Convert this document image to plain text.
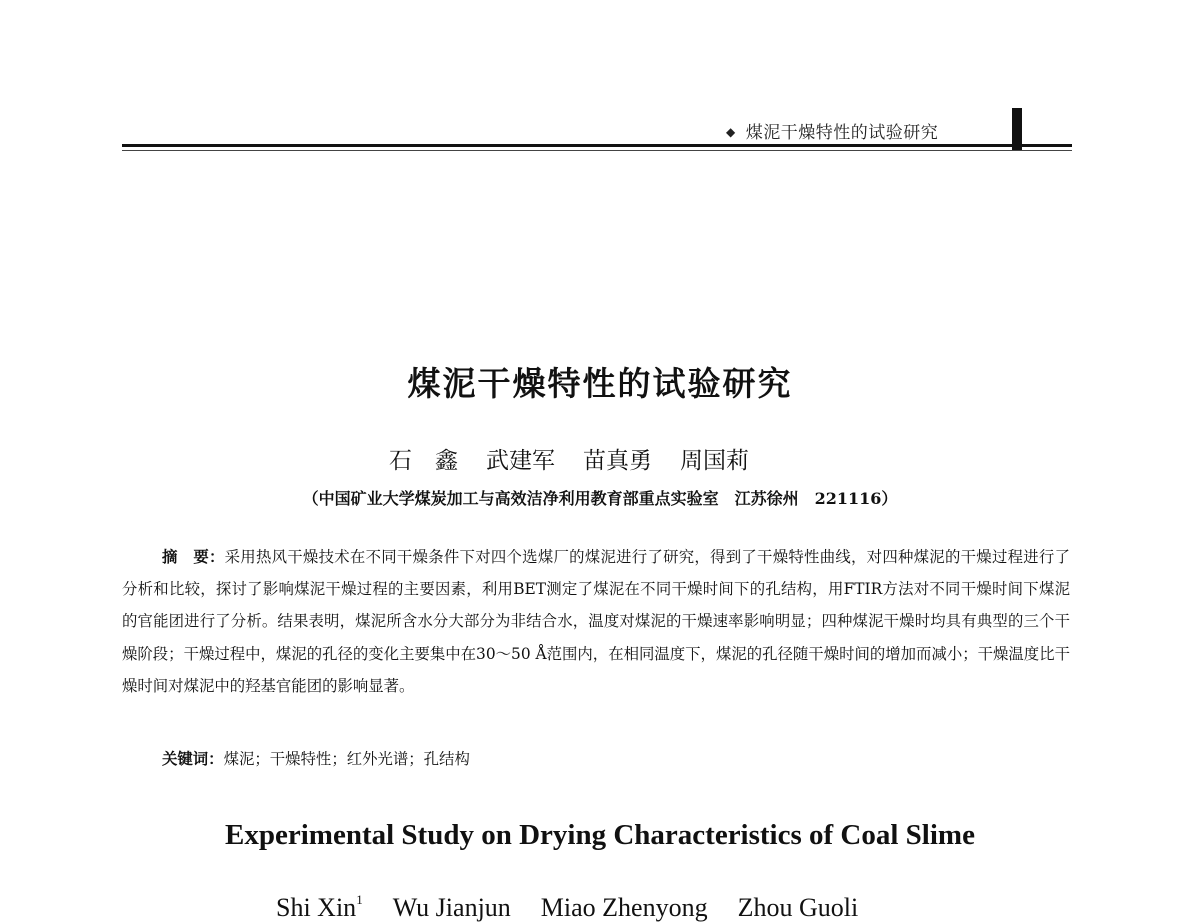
◆ 煤泥干燥特性的试验研究
煤泥干燥特性的试验研究
石　鑫 武建军 苗真勇 周国莉
（中国矿业大学煤炭加工与高效洁净利用教育部重点实验室　江苏徐州　221116）
摘　要：采用热风干燥技术在不同干燥条件下对四个选煤厂的煤泥进行了研究，得到了干燥特性曲线，对四种煤泥的干燥过程进行了分析和比较，探讨了影响煤泥干燥过程的主要因素，利用BET测定了煤泥在不同干燥时间下的孔结构，用FTIR方法对不同干燥时间下煤泥的官能团进行了分析。结果表明，煤泥所含水分大部分为非结合水，温度对煤泥的干燥速率影响明显；四种煤泥干燥时均具有典型的三个干燥阶段；干燥过程中，煤泥的孔径的变化主要集中在30～50 Å范围内，在相同温度下，煤泥的孔径随干燥时间的增加而减小；干燥温度比干燥时间对煤泥中的羟基官能团的影响显著。
关键词：煤泥；干燥特性；红外光谱；孔结构
Experimental Study on Drying Characteristics of Coal Slime
Shi Xin$^1$ Wu Jianjun Miao Zhenyong Zhou Guoli
